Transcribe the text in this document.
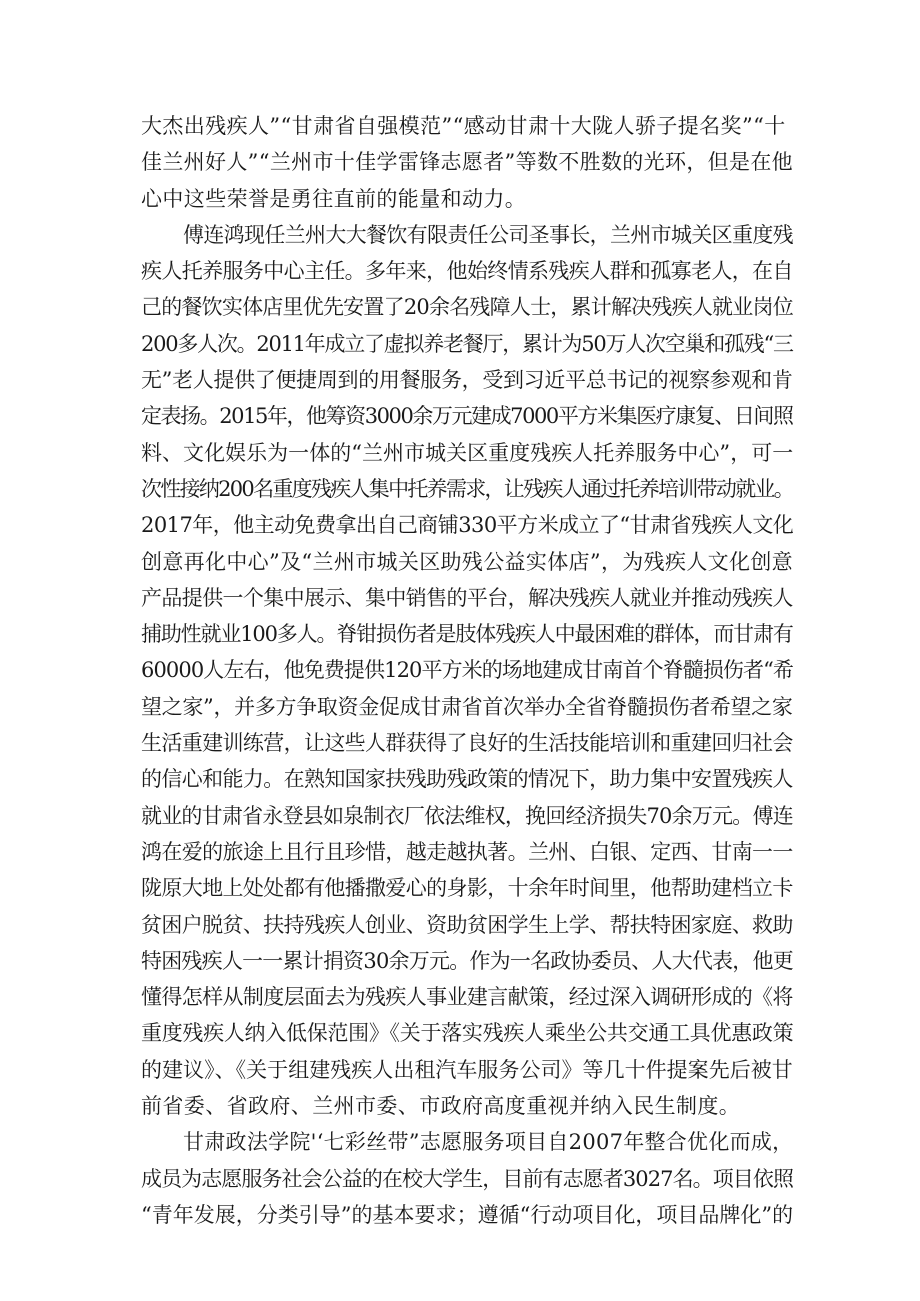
大杰出残疾人”“甘肃省自强模范”“感动甘肃十大陇人骄子提名奖”“十
佳兰州好人”“兰州市十佳学雷锋志愿者”等数不胜数的光环，但是在他
心中这些荣誉是勇往直前的能量和动力。
傅连鸿现任兰州大大餐饮有限责任公司圣事长，兰州市城关区重度残
疾人托养服务中心主任。多年来，他始终情系残疾人群和孤寡老人，在自
己的餐饮实体店里优先安置了20余名残障人士，累计解决残疾人就业岗位
200多人次。2011年成立了虚拟养老餐厅，累计为50万人次空巢和孤残“三
无”老人提供了便捷周到的用餐服务，受到习近平总书记的视察参观和肯
定表扬。2015年，他筹资3000余万元建成7000平方米集医疗康复、日间照
料、文化娱乐为一体的“兰州市城关区重度残疾人托养服务中心”，可一
次性接纳200名重度残疾人集中托养需求，让残疾人通过托养培训带动就业。
2017年，他主动免费拿出自己商铺330平方米成立了“甘肃省残疾人文化
创意再化中心”及“兰州市城关区助残公益实体店”，为残疾人文化创意
产品提供一个集中展示、集中销售的平台，解决残疾人就业并推动残疾人
捕助性就业100多人。脊钳损伤者是肢体残疾人中最困难的群体，而甘肃有
60000人左右，他免费提供120平方米的场地建成甘南首个脊髓损伤者“希
望之家”，并多方争取资金促成甘肃省首次举办全省脊髓损伤者希望之家
生活重建训练营，让这些人群获得了良好的生活技能培训和重建回归社会
的信心和能力。在熟知国家扶残助残政策的情况下，助力集中安置残疾人
就业的甘肃省永登县如泉制衣厂依法维权，挽回经济损失70余万元。傅连
鸿在爱的旅途上且行且珍惜，越走越执著。兰州、白银、定西、甘南一一
陇原大地上处处都有他播撒爱心的身影，十余年时间里，他帮助建档立卡
贫困户脱贫、扶持残疾人创业、资助贫困学生上学、帮扶特困家庭、救助
特困残疾人一一累计捐资30余万元。作为一名政协委员、人大代表，他更
懂得怎样从制度层面去为残疾人事业建言献策，经过深入调研形成的《将
重度残疾人纳入低保范围》《关于落实残疾人乘坐公共交通工具优惠政策
的建议》、《关于组建残疾人出租汽车服务公司》等几十件提案先后被甘
前省委、省政府、兰州市委、市政府高度重视并纳入民生制度。
甘肃政法学院'‘七彩丝带”志愿服务项目自2007年整合优化而成，
成员为志愿服务社会公益的在校大学生，目前有志愿者3027名。项目依照
“青年发展，分类引导”的基本要求；遵循“行动项目化，项目品牌化”的
